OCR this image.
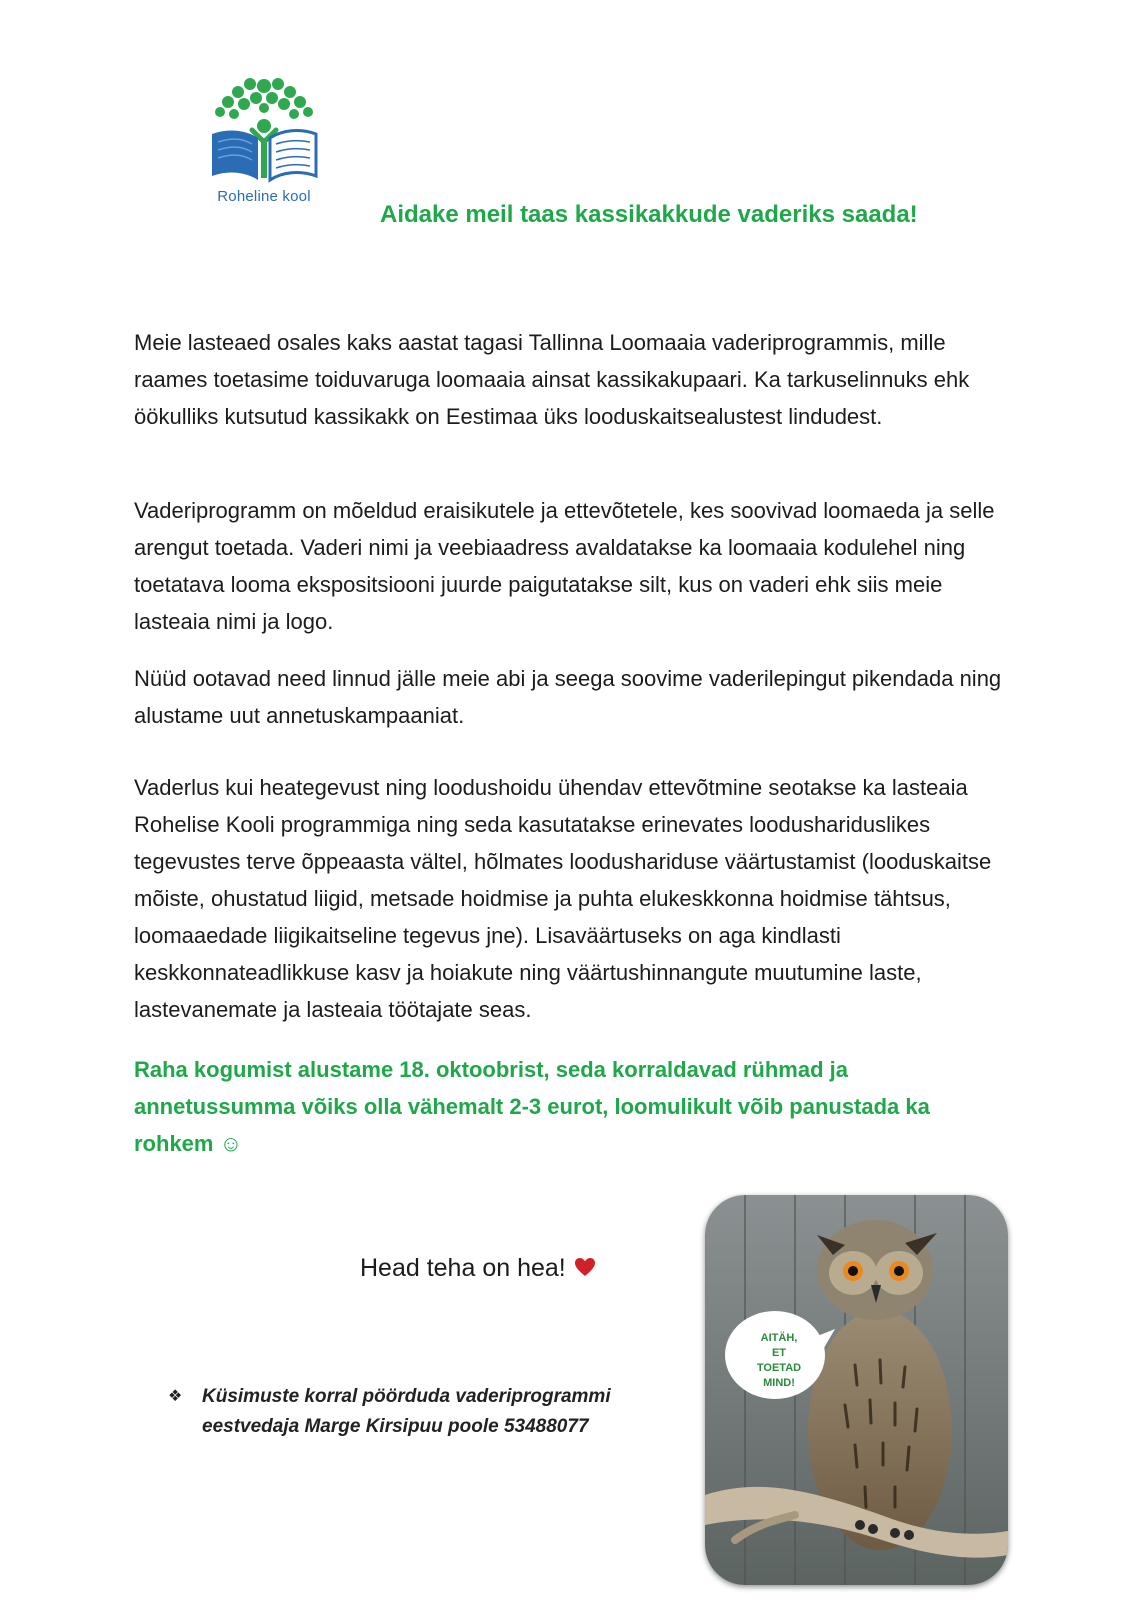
Roheline kool
Aidake meil taas kassikakkude vaderiks saada!

Meie lasteaed osales kaks aastat tagasi Tallinna Loomaaia vaderiprogrammis, mille raames toetasime toiduvaruga loomaaia ainsat kassikakupaari. Ka tarkuselinnuks ehk öökulliks kutsutud kassikakk on Eestimaa üks looduskaitsealustest lindudest.

Vaderiprogramm on mõeldud eraisikutele ja ettevõtetele, kes soovivad loomaeda ja selle arengut toetada. Vaderi nimi ja veebiaadress avaldatakse ka loomaaia kodulehel ning toetatava looma ekspositsiooni juurde paigutatakse silt, kus on vaderi ehk siis meie lasteaia nimi ja logo.

Nüüd ootavad need linnud jälle meie abi ja seega soovime vaderilepingut pikendada ning alustame uut annetuskampaaniat.

Vaderlus kui heategevust ning loodushoidu ühendav ettevõtmine seotakse ka lasteaia Rohelise Kooli programmiga ning seda kasutatakse erinevates loodushariduslikes tegevustes terve õppeaasta vältel, hõlmates loodushariduse väärtustamist (looduskaitse mõiste, ohustatud liigid, metsade hoidmise ja puhta elukeskkonna hoidmise tähtsus, loomaaedade liigikaitseline tegevus jne). Lisaväärtuseks on aga kindlasti keskkonnateadlikkuse kasv ja hoiakute ning väärtushinnangute muutumine laste, lastevanemate ja lasteaia töötajate seas.

Raha kogumist alustame 18. oktoobrist, seda korraldavad rühmad ja annetussumma võiks olla vähemalt 2-3 eurot, loomulikult võib panustada ka rohkem ☺

Head teha on hea!
❖	Küsimuste korral pöörduda vaderiprogrammi eestvedaja Marge Kirsipuu poole 53488077
AITÄH,
ET
TOETAD
MIND!
